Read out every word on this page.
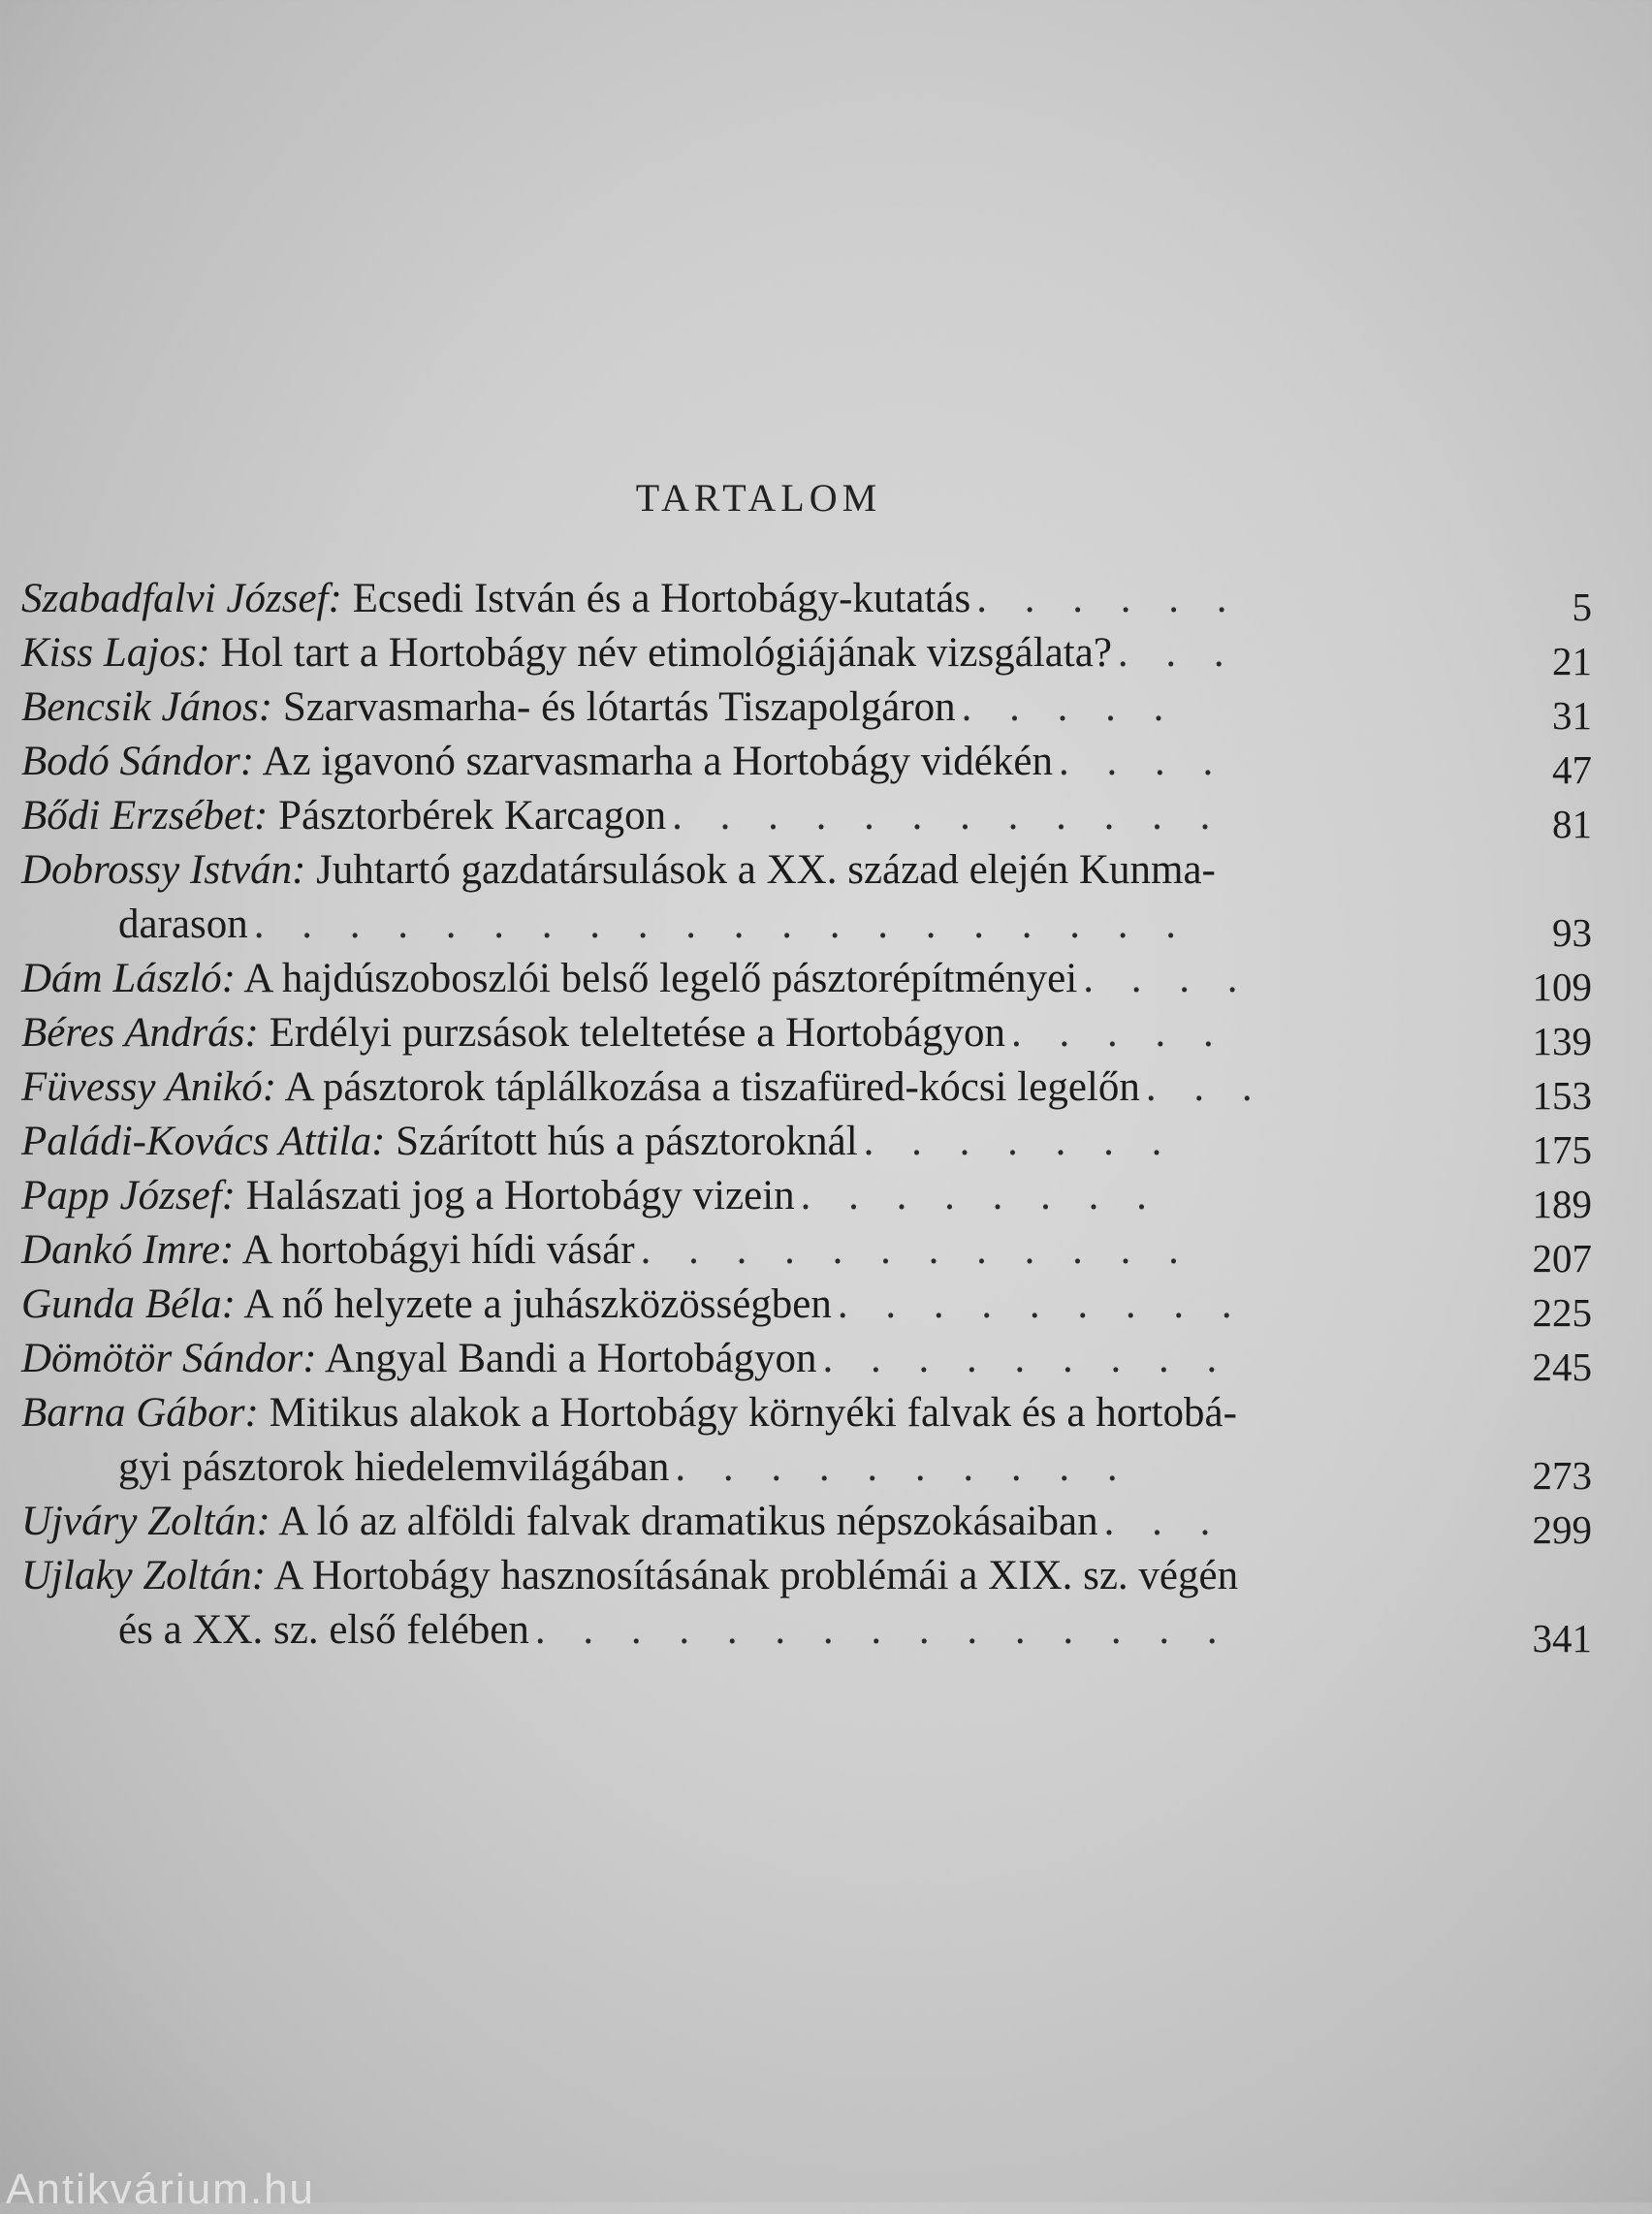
TARTALOM
Szabadfalvi József: Ecsedi István és a Hortobágy-kutatás . . . . . .	5
Kiss Lajos: Hol tart a Hortobágy név etimológiájának vizsgálata? . . .	21
Bencsik János: Szarvasmarha- és lótartás Tiszapolgáron . . . . .	31
Bodó Sándor: Az igavonó szarvasmarha a Hortobágy vidékén . . . .	47
Bődi Erzsébet: Pásztorbérek Karcagon . . . . . . . . . . . .	81
Dobrossy István: Juhtartó gazdatársulások a XX. század elején Kunma-
darason . . . . . . . . . . . . . . . . . . . .	93
Dám László: A hajdúszoboszlói belső legelő pásztorépítményei . . . .	109
Béres András: Erdélyi purzsások teleltetése a Hortobágyon . . . . .	139
Füvessy Anikó: A pásztorok táplálkozása a tiszafüred-kócsi legelőn . . .	153
Paládi-Kovács Attila: Szárított hús a pásztoroknál . . . . . . .	175
Papp József: Halászati jog a Hortobágy vizein . . . . . . . .	189
Dankó Imre: A hortobágyi hídi vásár . . . . . . . . . . . .	207
Gunda Béla: A nő helyzete a juhászközösségben . . . . . . . . .	225
Dömötör Sándor: Angyal Bandi a Hortobágyon . . . . . . . . .	245
Barna Gábor: Mitikus alakok a Hortobágy környéki falvak és a hortobá-
gyi pásztorok hiedelemvilágában . . . . . . . . . .	273
Ujváry Zoltán: A ló az alföldi falvak dramatikus népszokásaiban . . .	299
Ujlaky Zoltán: A Hortobágy hasznosításának problémái a XIX. sz. végén
és a XX. sz. első felében . . . . . . . . . . . . . . .	341
Antikvárium.hu
